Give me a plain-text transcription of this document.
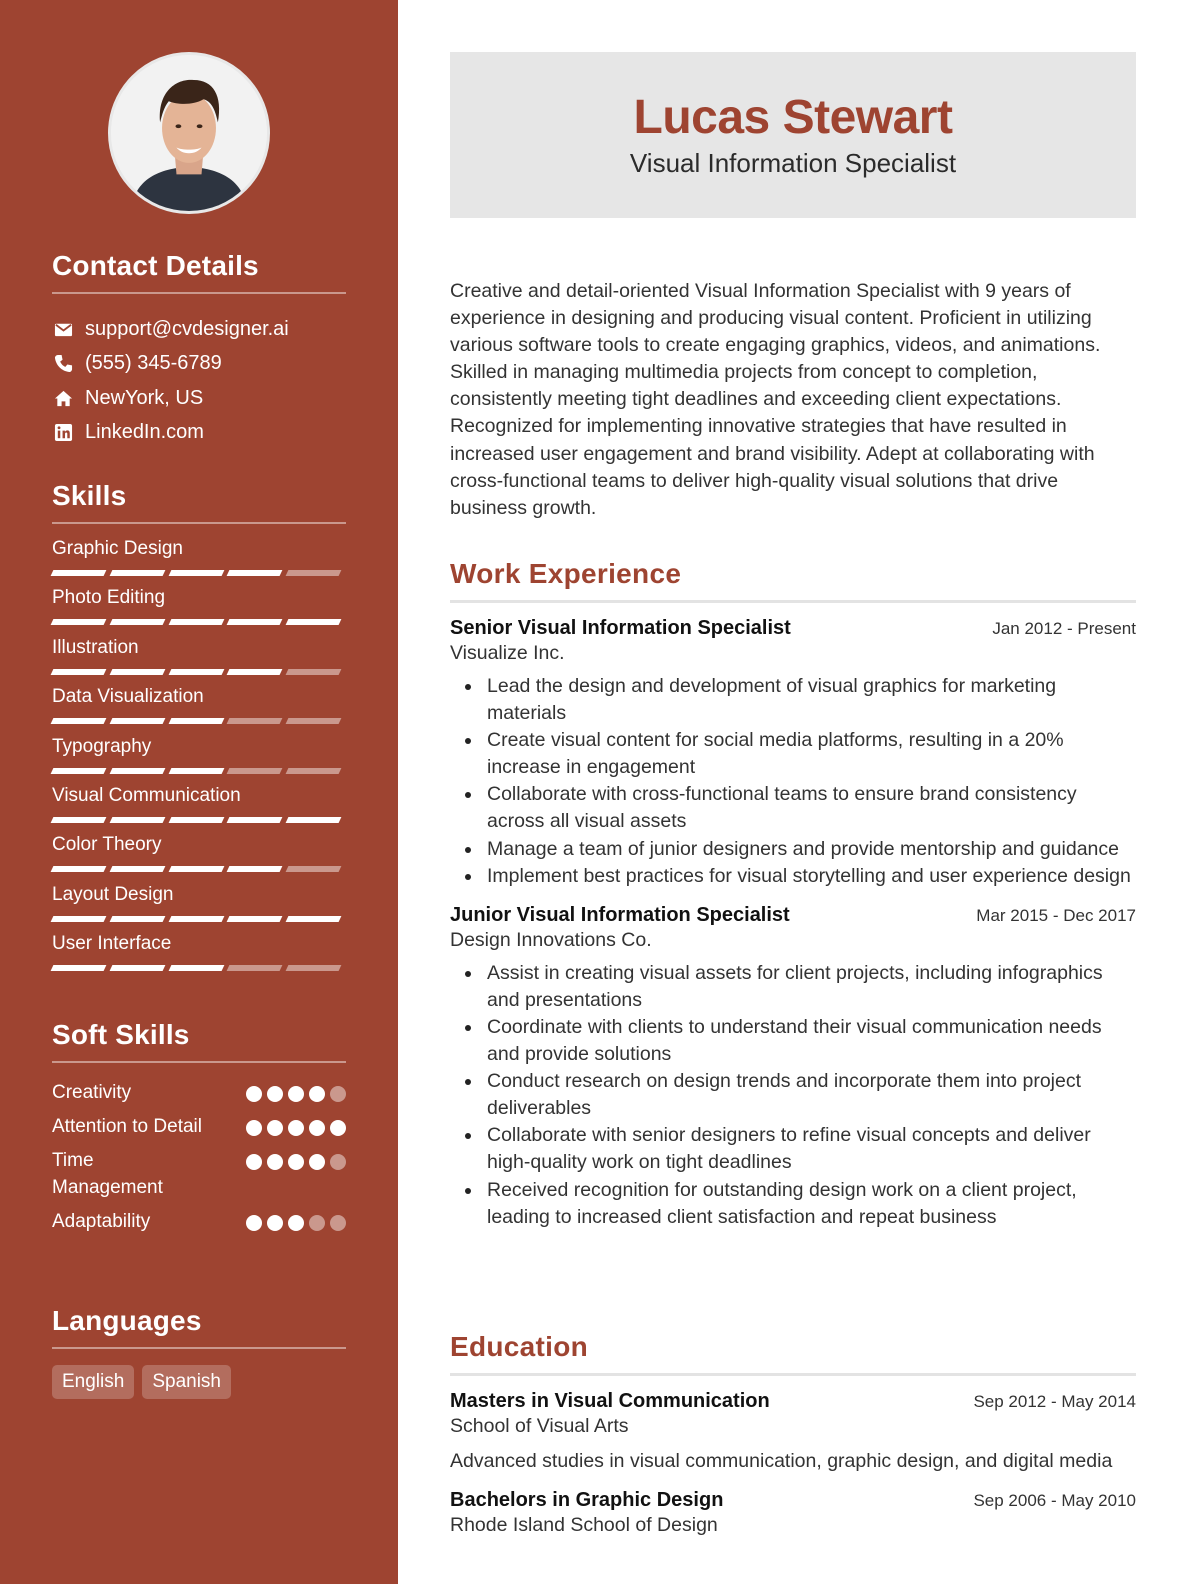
Contact Details
support@cvdesigner.ai
(555) 345-6789
NewYork, US
LinkedIn.com
Skills
Graphic Design
Photo Editing
Illustration
Data Visualization
Typography
Visual Communication
Color Theory
Layout Design
User Interface
Soft Skills
Creativity
Attention to Detail
Time Management
Adaptability
Languages
English	Spanish
Lucas Stewart
Visual Information Specialist

Creative and detail-oriented Visual Information Specialist with 9 years of experience in designing and producing visual content. Proficient in utilizing various software tools to create engaging graphics, videos, and animations. Skilled in managing multimedia projects from concept to completion, consistently meeting tight deadlines and exceeding client expectations. Recognized for implementing innovative strategies that have resulted in increased user engagement and brand visibility. Adept at collaborating with cross-functional teams to deliver high-quality visual solutions that drive business growth.

Work Experience
Senior Visual Information Specialist	Jan 2012 - Present
Visualize Inc.
Lead the design and development of visual graphics for marketing materials
Create visual content for social media platforms, resulting in a 20% increase in engagement
Collaborate with cross-functional teams to ensure brand consistency across all visual assets
Manage a team of junior designers and provide mentorship and guidance
Implement best practices for visual storytelling and user experience design
Junior Visual Information Specialist	Mar 2015 - Dec 2017
Design Innovations Co.
Assist in creating visual assets for client projects, including infographics and presentations
Coordinate with clients to understand their visual communication needs and provide solutions
Conduct research on design trends and incorporate them into project deliverables
Collaborate with senior designers to refine visual concepts and deliver high-quality work on tight deadlines
Received recognition for outstanding design work on a client project, leading to increased client satisfaction and repeat business
Education
Masters in Visual Communication	Sep 2012 - May 2014
School of Visual Arts
Advanced studies in visual communication, graphic design, and digital media
Bachelors in Graphic Design	Sep 2006 - May 2010
Rhode Island School of Design
